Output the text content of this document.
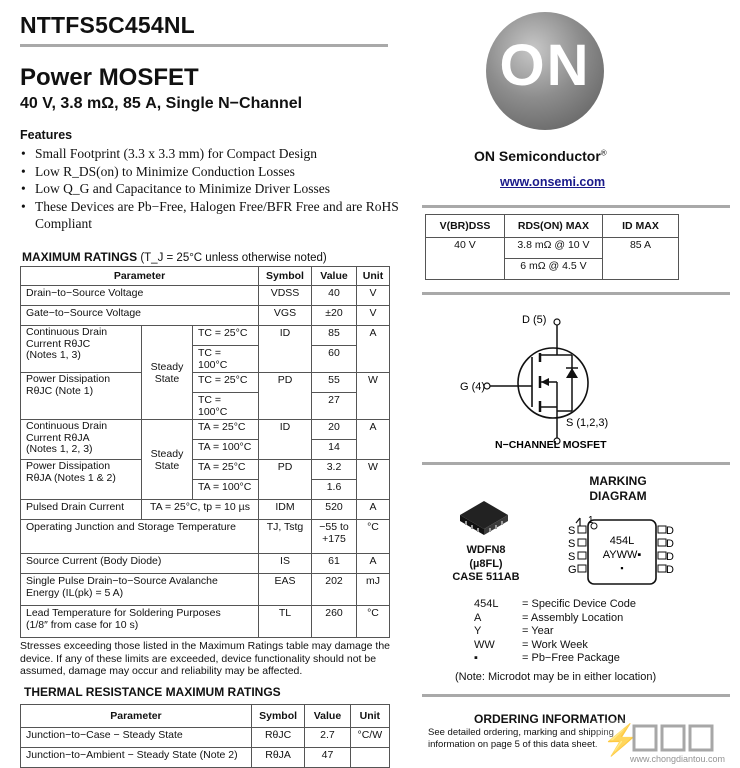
NTTFS5C454NL
Power MOSFET
40 V, 3.8 mΩ, 85 A, Single N−Channel
Features
• Small Footprint (3.3 x 3.3 mm) for Compact Design
• Low R_DS(on) to Minimize Conduction Losses
• Low Q_G and Capacitance to Minimize Driver Losses
• These Devices are Pb−Free, Halogen Free/BFR Free and are RoHS Compliant
MAXIMUM RATINGS (T_J = 25°C unless otherwise noted)
Parameter			Symbol	Value	Unit
Drain−to−Source Voltage			VDSS	40	V
Gate−to−Source Voltage			VGS	±20	V
Continuous Drain
Current RθJC
(Notes 1, 3)	Steady State	TC = 25°C	ID	85	A
		TC = 100°C		60	
Power Dissipation
RθJC (Note 1)		TC = 25°C	PD	55	W
		TC = 100°C		27	
Continuous Drain
Current RθJA
(Notes 1, 2, 3)	Steady State	TA = 25°C	ID	20	A
		TA = 100°C		14	
Power Dissipation
RθJA (Notes 1 & 2)		TA = 25°C	PD	3.2	W
		TA = 100°C		1.6	
Pulsed Drain Current	TA = 25°C, tp = 10 µs		IDM	520	A
Operating Junction and Storage Temperature			TJ, Tstg	−55 to +175	°C
Source Current (Body Diode)			IS	61	A
Single Pulse Drain−to−Source Avalanche
Energy (IL(pk) = 5 A)			EAS	202	mJ
Lead Temperature for Soldering Purposes
(1/8″ from case for 10 s)			TL	260	°C
Stresses exceeding those listed in the Maximum Ratings table may damage the device. If any of these limits are exceeded, device functionality should not be assumed, damage may occur and reliability may be affected.
THERMAL RESISTANCE MAXIMUM RATINGS
Parameter	Symbol	Value	Unit
Junction−to−Case − Steady State	RθJC	2.7	°C/W
Junction−to−Ambient − Steady State (Note 2)	RθJA	47	
ON
ON Semiconductor®
www.onsemi.com
V(BR)DSS	RDS(ON) MAX	ID MAX
40 V	3.8 mΩ @ 10 V	85 A
	6 mΩ @ 4.5 V	
D (5)
G (4)
S (1,2,3)
N−CHANNEL MOSFET
WDFN8
(µ8FL)
CASE 511AB
MARKING
DIAGRAM
1
454L
AYWW▪
▪
S
S
S
G
D
D
D
D
454L = Specific Device Code
A	= Assembly Location
Y	= Year
WW = Work Week
▪	= Pb−Free Package
(Note: Microdot may be in either location)
ORDERING INFORMATION
See detailed ordering, marking and shipping information on page 5 of this data sheet. ⚡
www.chongdiantou.com
